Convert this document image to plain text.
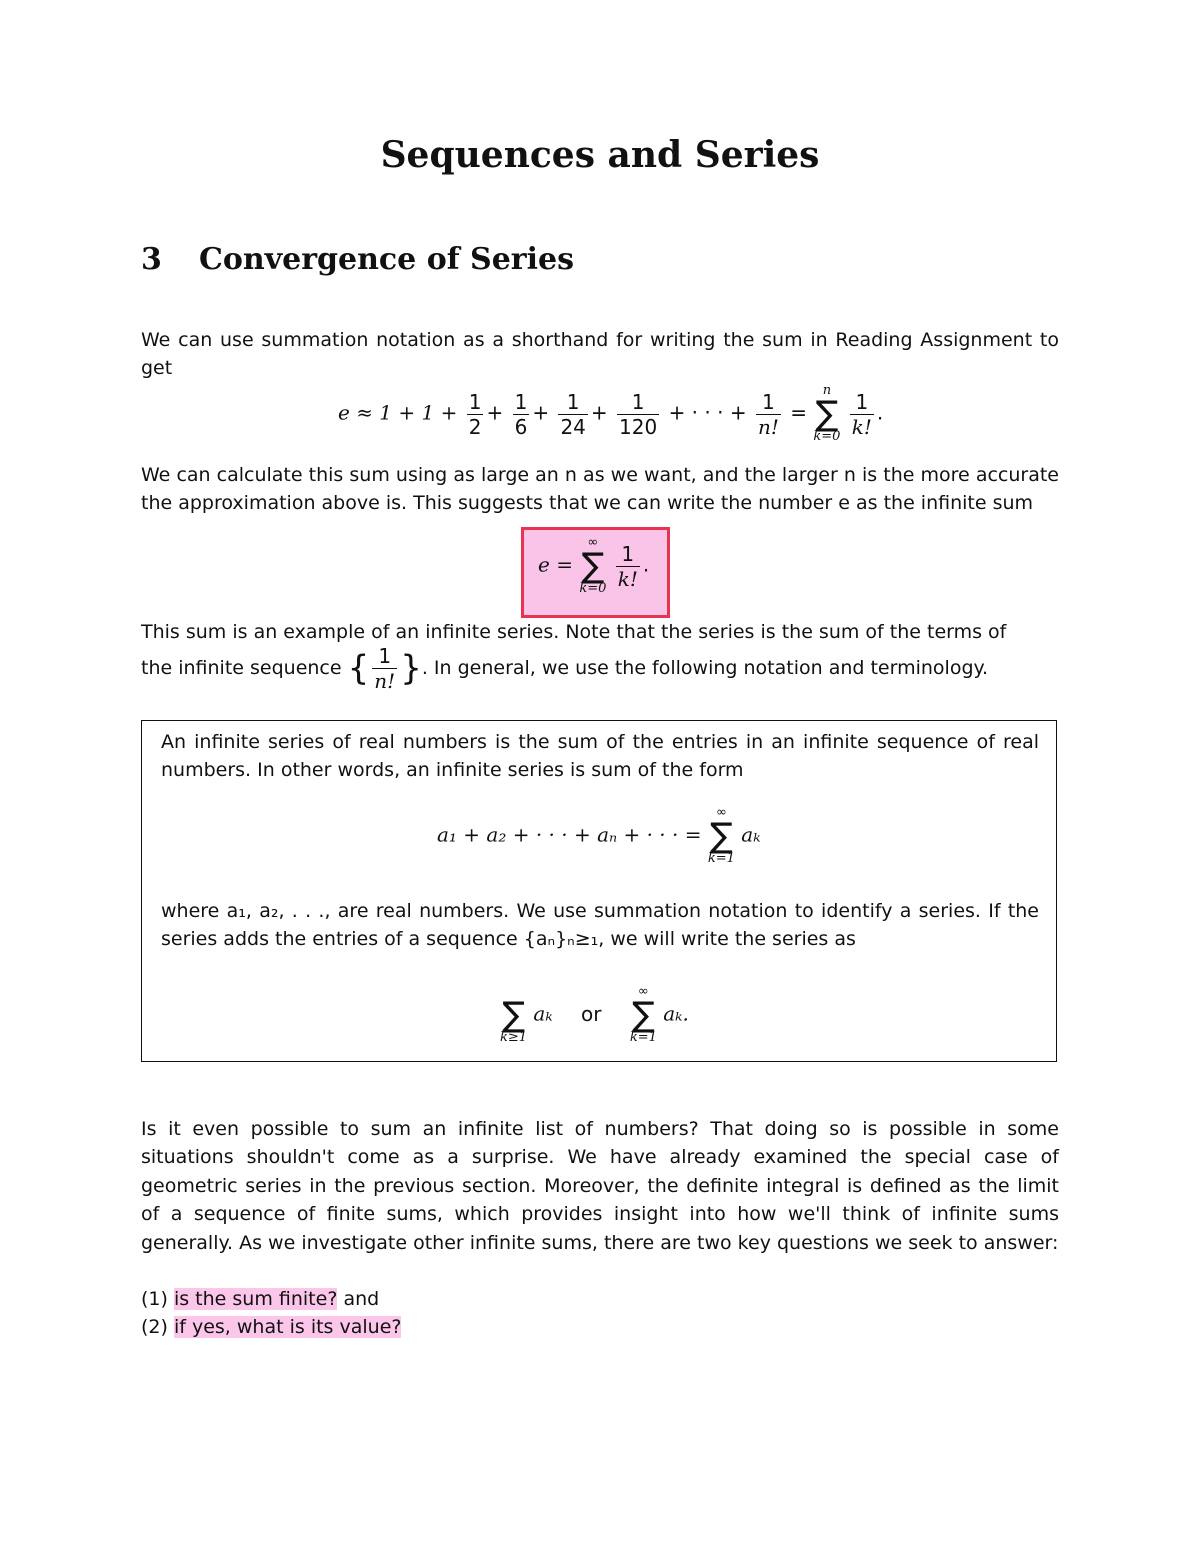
Sequences and Series
3 Convergence of Series
We can use summation notation as a shorthand for writing the sum in Reading Assignment to get
$e \approx 1 + 1 + \frac{1}{2} + \frac{1}{6} + \frac{1}{24} + \frac{1}{120}$ + · · · + $\frac{1}{n!}$ =
n
∑
k=0
$\frac{1}{k!}$ .
We can calculate this sum using as large an n as we want, and the larger n is the more accurate the approximation above is. This suggests that we can write the number e as the infinite sum
e =
∞
∑
k=0
$\frac{1}{k!}$ .
This sum is an example of an infinite series. Note that the series is the sum of the terms of
the infinite sequence { $\frac{1}{n!}$ }. In general, we use the following notation and terminology.
An infinite series of real numbers is the sum of the entries in an infinite sequence of real numbers. In other words, an infinite series is sum of the form
a₁ + a₂ + · · · + aₙ + · · · =
∞
∑
k=1
aₖ
where a₁, a₂, . . ., are real numbers. We use summation notation to identify a series. If the series adds the entries of a sequence {aₙ}ₙ≥₁, we will write the series as

∑
k≥1
aₖ or
∞
∑
k=1
aₖ.
Is it even possible to sum an infinite list of numbers? That doing so is possible in some situations shouldn't come as a surprise. We have already examined the special case of geometric series in the previous section. Moreover, the definite integral is defined as the limit of a sequence of finite sums, which provides insight into how we'll think of infinite sums generally. As we investigate other infinite sums, there are two key questions we seek to answer:
(1) is the sum finite? and
(2) if yes, what is its value?
